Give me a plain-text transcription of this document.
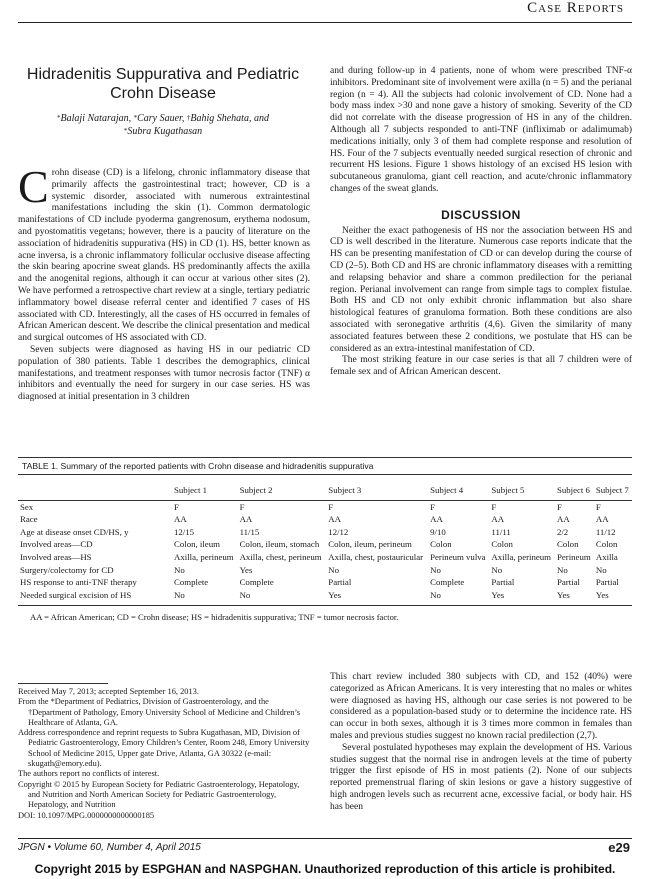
Case Reports
Hidradenitis Suppurativa and Pediatric
Crohn Disease
*Balaji Natarajan, *Cary Sauer, †Bahig Shehata, and
*Subra Kugathasan

Crohn disease (CD) is a lifelong, chronic inflammatory disease that primarily affects the gastrointestinal tract; however, CD is a systemic disorder, associated with numerous extraintestinal manifestations including the skin (1). Common dermatologic manifestations of CD include pyoderma gangrenosum, erythema nodosum, and pyostomatitis vegetans; however, there is a paucity of literature on the association of hidradenitis suppurativa (HS) in CD (1). HS, better known as acne inversa, is a chronic inflammatory follicular occlusive disease affecting the skin bearing apocrine sweat glands. HS predominantly affects the axilla and the anogenital regions, although it can occur at various other sites (2). We have performed a retrospective chart review at a single, tertiary pediatric inflammatory bowel disease referral center and identified 7 cases of HS associated with CD. Interestingly, all the cases of HS occurred in females of African American descent. We describe the clinical presentation and medical and surgical outcomes of HS associated with CD.

Seven subjects were diagnosed as having HS in our pediatric CD population of 380 patients. Table 1 describes the demographics, clinical manifestations, and treatment responses with tumor necrosis factor (TNF) α inhibitors and eventually the need for surgery in our case series. HS was diagnosed at initial presentation in 3 children

and during follow-up in 4 patients, none of whom were prescribed TNF-α inhibitors. Predominant site of involvement were axilla (n = 5) and the perianal region (n = 4). All the subjects had colonic involvement of CD. None had a body mass index >30 and none gave a history of smoking. Severity of the CD did not correlate with the disease progression of HS in any of the children. Although all 7 subjects responded to anti-TNF (infliximab or adalimumab) medications initially, only 3 of them had complete response and resolution of HS. Four of the 7 subjects eventually needed surgical resection of chronic and recurrent HS lesions. Figure 1 shows histology of an excised HS lesion with subcutaneous granuloma, giant cell reaction, and acute/chronic inflammatory changes of the sweat glands.

DISCUSSION

Neither the exact pathogenesis of HS nor the association between HS and CD is well described in the literature. Numerous case reports indicate that the HS can be presenting manifestation of CD or can develop during the course of CD (2–5). Both CD and HS are chronic inflammatory diseases with a remitting and relapsing behavior and share a common predilection for the perianal region. Perianal involvement can range from simple tags to complex fistulae. Both HS and CD not only exhibit chronic inflammation but also share histological features of granuloma formation. Both these conditions are also associated with seronegative arthritis (4,6). Given the similarity of many associated features between these 2 conditions, we postulate that HS can be considered as an extra-intestinal manifestation of CD.

The most striking feature in our case series is that all 7 children were of female sex and of African American descent.

TABLE 1. Summary of the reported patients with Crohn disease and hidradenitis suppurativa
	Subject 1	Subject 2	Subject 3	Subject 4	Subject 5	Subject 6	Subject 7
Sex	F	F	F	F	F	F	F
Race	AA	AA	AA	AA	AA	AA	AA
Age at disease onset CD/HS, y	12/15	11/15	12/12	9/10	11/11	2/2	11/12
Involved areas—CD	Colon, ileum	Colon, ileum, stomach	Colon, ileum, perineum	Colon	Colon	Colon	Colon
Involved areas—HS	Axilla, perineum	Axilla, chest, perineum	Axilla, chest, postauricular	Perineum vulva	Axilla, perineum	Perineum	Axilla
Surgery/colectomy for CD	No	Yes	No	No	No	No	No
HS response to anti-TNF therapy	Complete	Complete	Partial	Complete	Partial	Partial	Partial
Needed surgical excision of HS	No	No	Yes	No	Yes	Yes	Yes
AA = African American; CD = Crohn disease; HS = hidradenitis suppurativa; TNF = tumor necrosis factor.
Received May 7, 2013; accepted September 16, 2013.
From the *Department of Pediatrics, Division of Gastroenterology, and the †Department of Pathology, Emory University School of Medicine and Children’s Healthcare of Atlanta, GA.
Address correspondence and reprint requests to Subra Kugathasan, MD, Division of Pediatric Gastroenterology, Emory Children’s Center, Room 248, Emory University School of Medicine 2015, Upper gate Drive, Atlanta, GA 30322 (e-mail: skugath@emory.edu).
The authors report no conflicts of interest.
Copyright © 2015 by European Society for Pediatric Gastroenterology, Hepatology, and Nutrition and North American Society for Pediatric Gastroenterology, Hepatology, and Nutrition
DOI: 10.1097/MPG.0000000000000185

This chart review included 380 subjects with CD, and 152 (40%) were categorized as African Americans. It is very interesting that no males or whites were diagnosed as having HS, although our case series is not powered to be considered as a population-based study or to determine the incidence rate. HS can occur in both sexes, although it is 3 times more common in females than males and previous studies suggest no known racial predilection (2,7).

Several postulated hypotheses may explain the development of HS. Various studies suggest that the normal rise in androgen levels at the time of puberty trigger the first episode of HS in most patients (2). None of our subjects reported premenstrual flaring of skin lesions or gave a history suggestive of high androgen levels such as recurrent acne, excessive facial, or body hair. HS has been

JPGN • Volume 60, Number 4, April 2015	e29
Copyright 2015 by ESPGHAN and NASPGHAN. Unauthorized reproduction of this article is prohibited.
